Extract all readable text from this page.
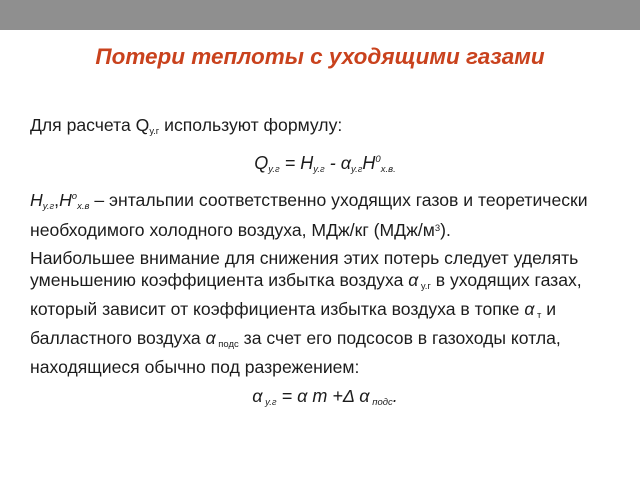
Потери теплоты с уходящими газами

Для расчета $Q_{у.г}$ используют формулу:

$Q_{у.г} = H_{у.г} - \alpha_{у.г}H^0_{х.в.}$

$H_{у.г},H^o_{х.в}$ – энтальпии соответственно уходящих газов и теоретически необходимого холодного воздуха, МДж/кг $(МДж/м^3)$.

Наибольшее внимание для снижения этих потерь следует уделять уменьшению коэффициента избытка воздуха α $_{у.г}$ в уходящих газах, который зависит от коэффициента избытка воздуха в топке α $_т$ и балластного воздуха α $_{подс}$ за счет его подсосов в газоходы котла, находящиеся обычно под разрежением:

α $_{у.г}$ = α т +Δ α $_{подс}$.
